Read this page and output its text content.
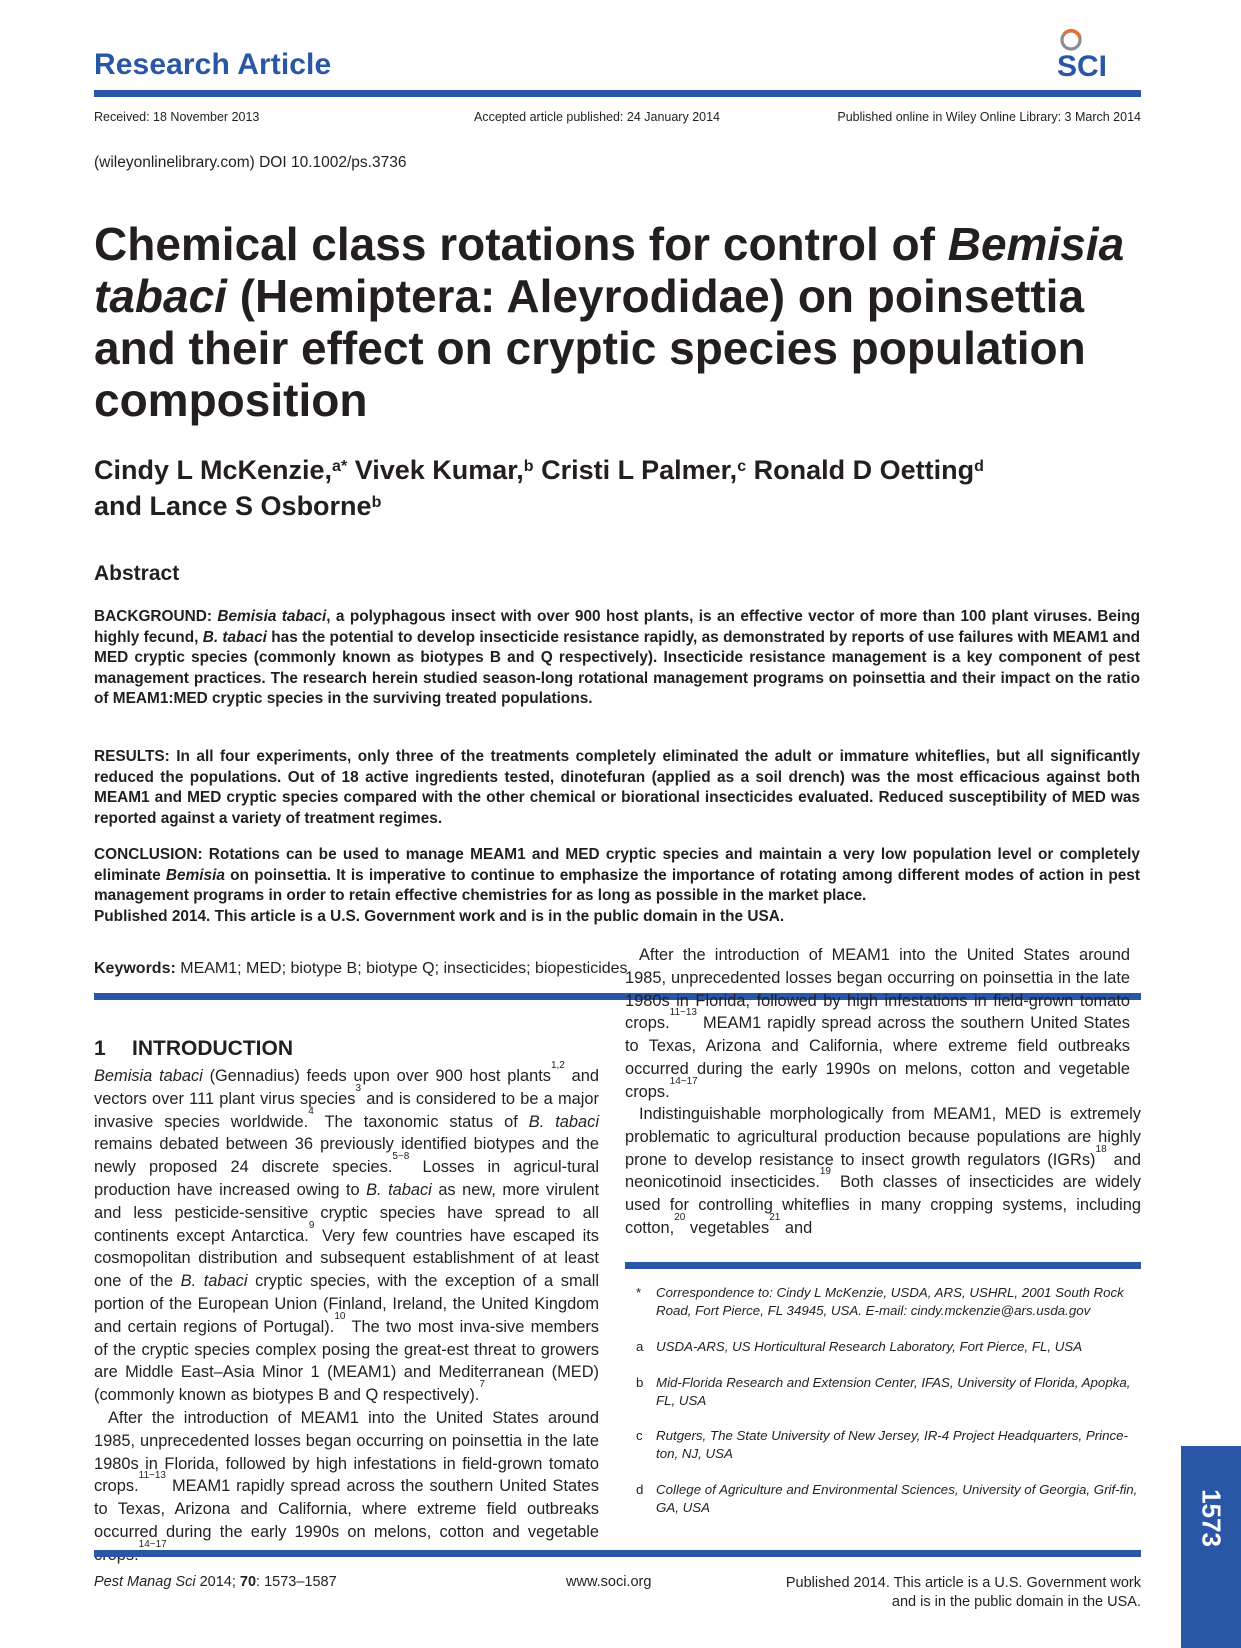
Research Article	SCI
Received: 18 November 2013	Accepted article published: 24 January 2014	Published online in Wiley Online Library: 3 March 2014
(wileyonlinelibrary.com) DOI 10.1002/ps.3736
Chemical class rotations for control of Bemisia tabaci (Hemiptera: Aleyrodidae) on poinsettia and their effect on cryptic species population composition
Cindy L McKenzie,$^{a*}$ Vivek Kumar,$^b$ Cristi L Palmer,$^c$ Ronald D Oetting$^d$
and Lance S Osborne$^b$
Abstract

BACKGROUND: Bemisia tabaci, a polyphagous insect with over 900 host plants, is an effective vector of more than 100 plant viruses. Being highly fecund, B. tabaci has the potential to develop insecticide resistance rapidly, as demonstrated by reports of use failures with MEAM1 and MED cryptic species (commonly known as biotypes B and Q respectively). Insecticide resistance management is a key component of pest management practices. The research herein studied season-long rotational management programs on poinsettia and their impact on the ratio of MEAM1:MED cryptic species in the surviving treated populations.

RESULTS: In all four experiments, only three of the treatments completely eliminated the adult or immature whiteflies, but all significantly reduced the populations. Out of 18 active ingredients tested, dinotefuran (applied as a soil drench) was the most efficacious against both MEAM1 and MED cryptic species compared with the other chemical or biorational insecticides evaluated. Reduced susceptibility of MED was reported against a variety of treatment regimes.

CONCLUSION: Rotations can be used to manage MEAM1 and MED cryptic species and maintain a very low population level or completely eliminate Bemisia on poinsettia. It is imperative to continue to emphasize the importance of rotating among different modes of action in pest management programs in order to retain effective chemistries for as long as possible in the market place.
Published 2014. This article is a U.S. Government work and is in the public domain in the USA.

Keywords: MEAM1; MED; biotype B; biotype Q; insecticides; biopesticides
1 INTRODUCTION

Bemisia tabaci (Gennadius) feeds upon over 900 host plants$^{1,2}$ and vectors over 111 plant virus species$^3$ and is considered to be a major invasive species worldwide.$^4$ The taxonomic status of B. tabaci remains debated between 36 previously identified biotypes and the newly proposed 24 discrete species.$^{5-8}$ Losses in agricul-tural production have increased owing to B. tabaci as new, more virulent and less pesticide-sensitive cryptic species have spread to all continents except Antarctica.$^9$ Very few countries have escaped its cosmopolitan distribution and subsequent establishment of at least one of the B. tabaci cryptic species, with the exception of a small portion of the European Union (Finland, Ireland, the United Kingdom and certain regions of Portugal).$^{10}$ The two most inva-sive members of the cryptic species complex posing the great-est threat to growers are Middle East–Asia Minor 1 (MEAM1) and Mediterranean (MED) (commonly known as biotypes B and Q respectively).$^7$

After the introduction of MEAM1 into the United States around 1985, unprecedented losses began occurring on poinsettia in the late 1980s in Florida, followed by high infestations in field-grown tomato crops.$^{11-13}$ MEAM1 rapidly spread across the southern United States to Texas, Arizona and California, where extreme field outbreaks occurred during the early 1990s on melons, cotton and vegetable $^{14-17}$

After the introduction of MEAM1 into the United States around 1985, unprecedented losses began occurring on poinsettia in the late 1980s in Florida, followed by high infestations in field-grown tomato crops.$^{11-13}$ MEAM1 rapidly spread across the southern United States to Texas, Arizona and California, where extreme field outbreaks occurred during the early 1990s on melons, cotton and vegetable crops.$^{14-17}$

Indistinguishable morphologically from MEAM1, MED is extremely problematic to agricultural production because populations are highly prone to develop resistance to insect growth regulators (IGRs)$^{18}$ and neonicotinoid insecticides.$^{19}$ Both classes of insecticides are widely used for controlling whiteflies in many cropping systems, including cotton,$^{20}$ vegetables$^{21}$ and

* Correspondence to: Cindy L McKenzie, USDA, ARS, USHRL, 2001 South Rock Road, Fort Pierce, FL 34945, USA. E-mail: cindy.mckenzie@ars.usda.gov
a USDA-ARS, US Horticultural Research Laboratory, Fort Pierce, FL, USA
b Mid-Florida Research and Extension Center, IFAS, University of Florida, Apopka, FL, USA
c Rutgers, The State University of New Jersey, IR-4 Project Headquarters, Prince-ton, NJ, USA
d College of Agriculture and Environmental Sciences, University of Georgia, Grif-fin, GA, USA
Pest Manag Sci 2014; 70: 1573–1587	www.soci.org	Published 2014. This article is a U.S. Government work
and is in the public domain in the USA.
1573
